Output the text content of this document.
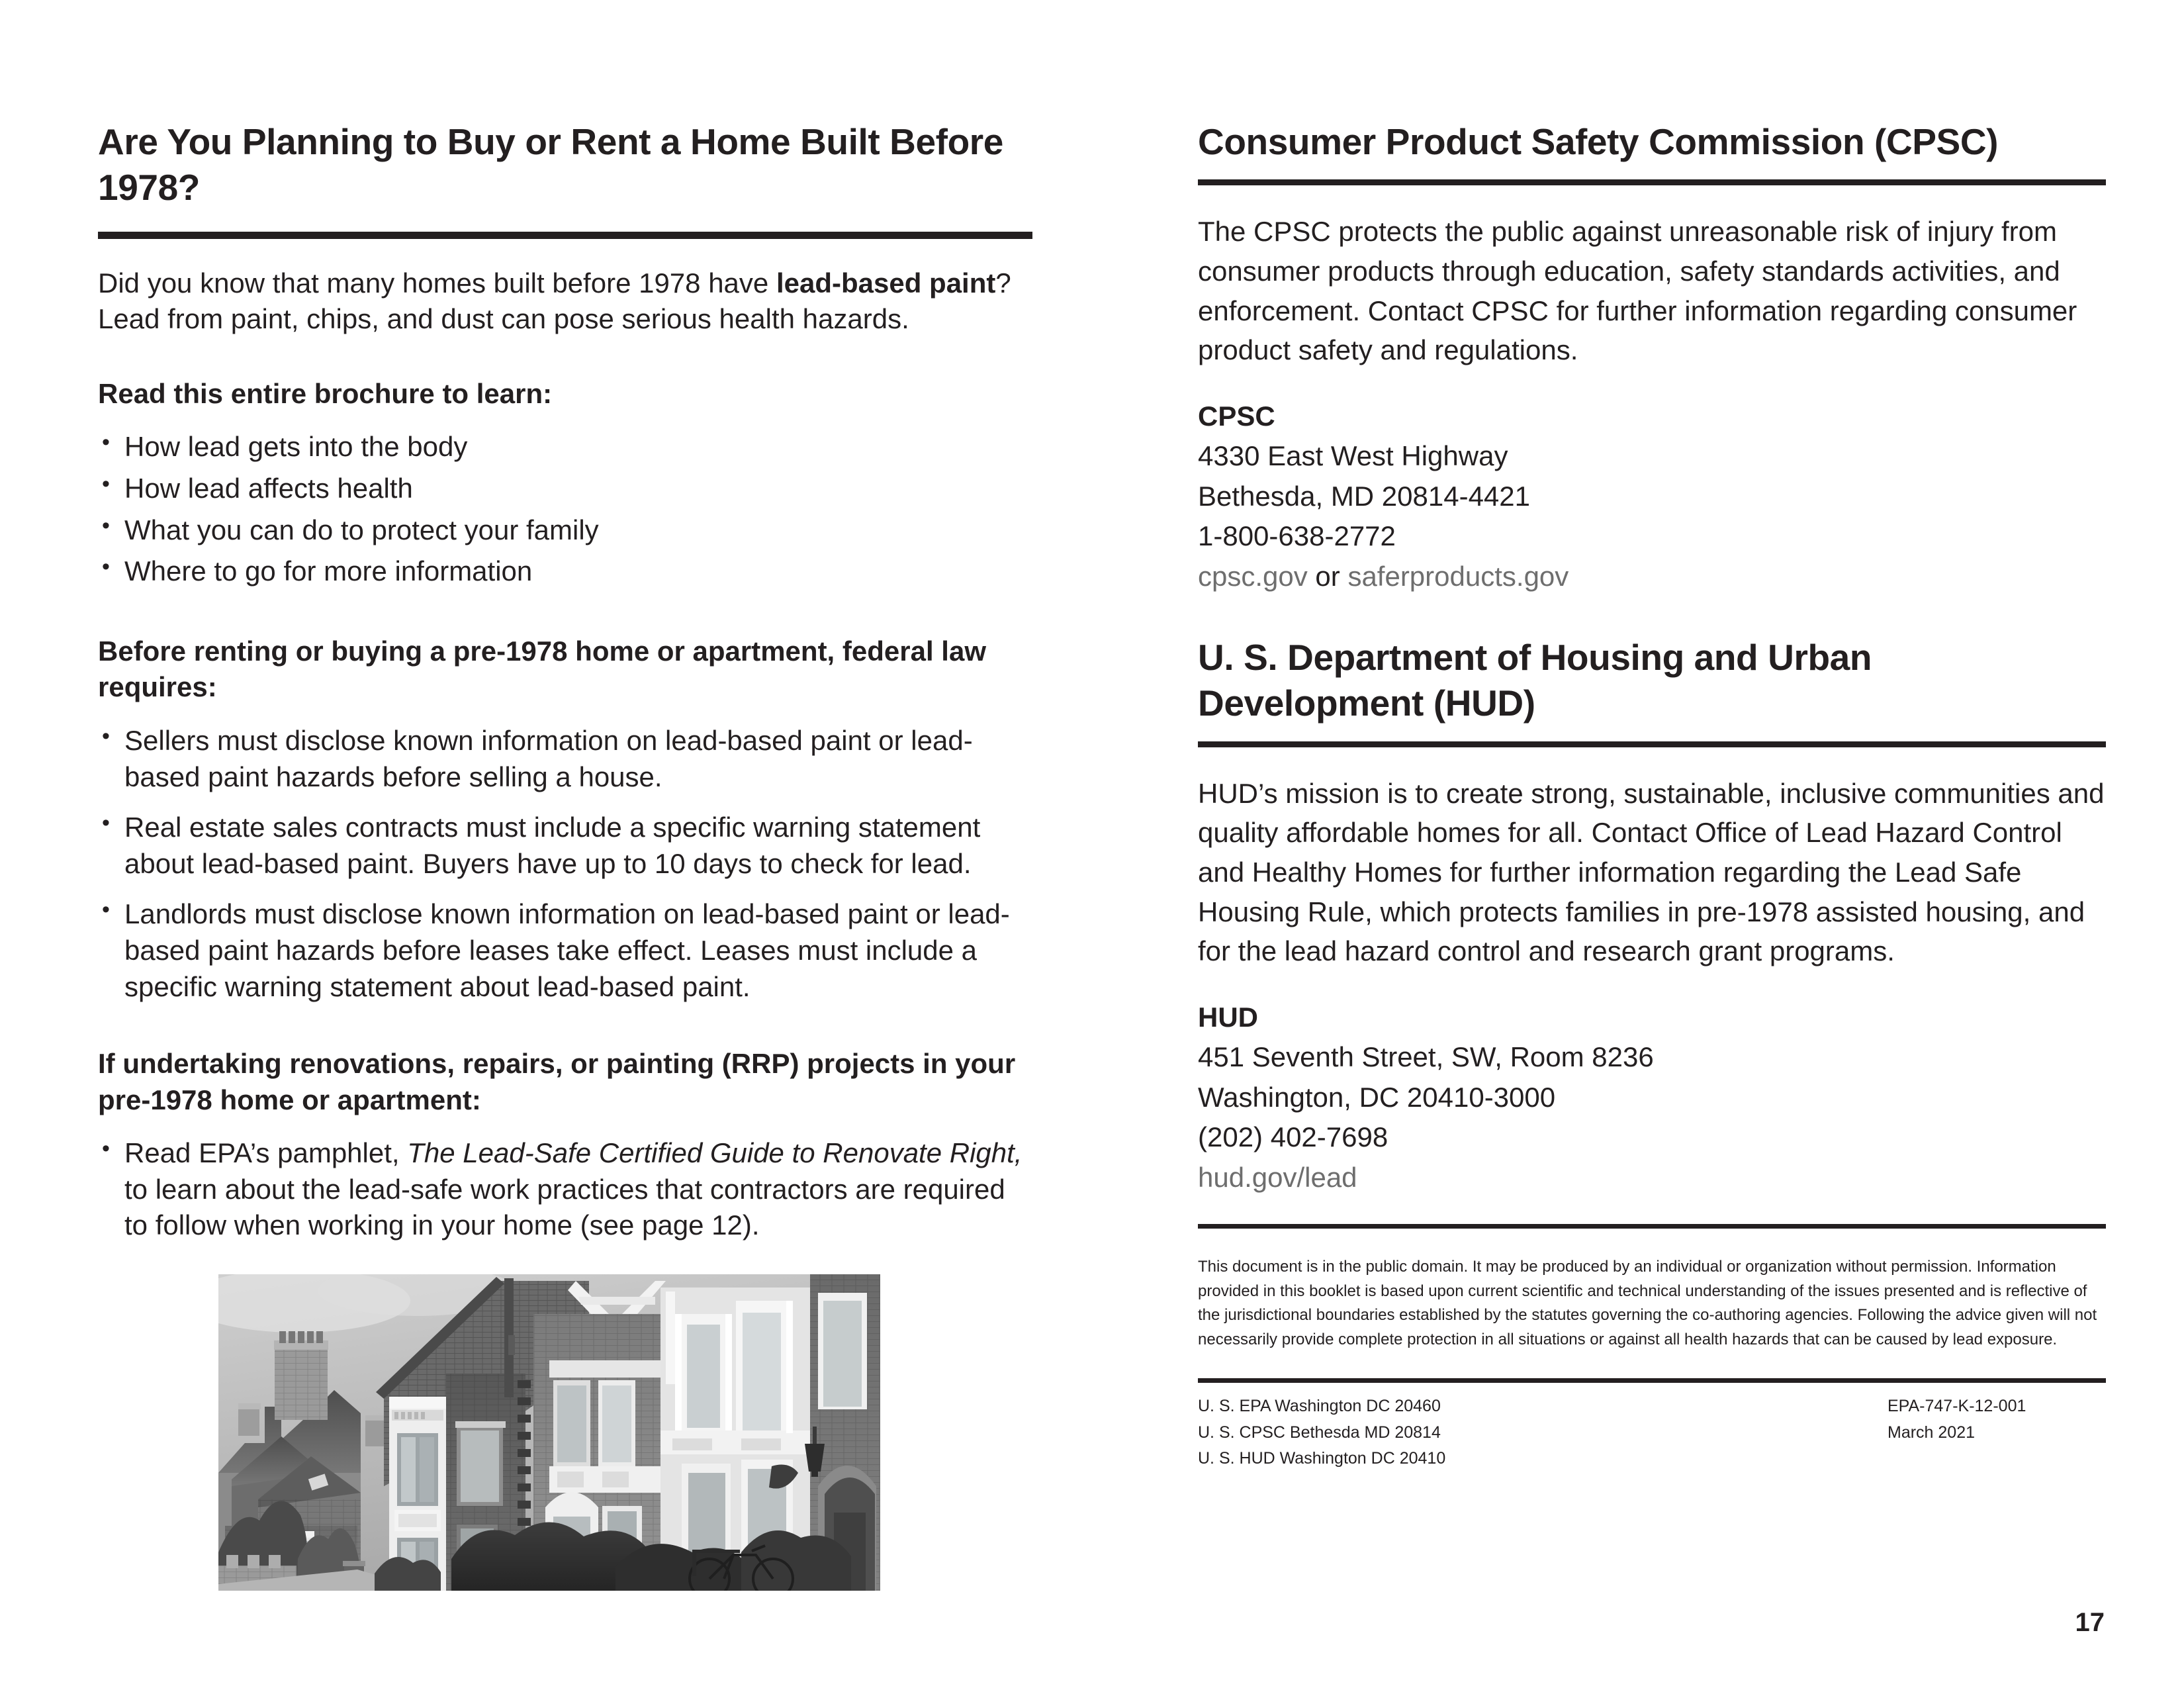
Are You Planning to Buy or Rent a Home Built Before 1978?

Did you know that many homes built before 1978 have lead-based paint? Lead from paint, chips, and dust can pose serious health hazards.

Read this entire brochure to learn:

• How lead gets into the body
• How lead affects health
• What you can do to protect your family
• Where to go for more information

Before renting or buying a pre-1978 home or apartment, federal law requires:

• Sellers must disclose known information on lead-based paint or lead-based paint hazards before selling a house.
• Real estate sales contracts must include a specific warning statement about lead-based paint. Buyers have up to 10 days to check for lead.
• Landlords must disclose known information on lead-based paint or lead-based paint hazards before leases take effect. Leases must include a specific warning statement about lead-based paint.

If undertaking renovations, repairs, or painting (RRP) projects in your pre-1978 home or apartment:

• Read EPA’s pamphlet, The Lead-Safe Certified Guide to Renovate Right, to learn about the lead-safe work practices that contractors are required to follow when working in your home (see page 12).
Consumer Product Safety Commission (CPSC)

The CPSC protects the public against unreasonable risk of injury from consumer products through education, safety standards activities, and enforcement. Contact CPSC for further information regarding consumer product safety and regulations.

CPSC
4330 East West Highway
Bethesda, MD 20814-4421
1-800-638-2772
cpsc.gov or saferproducts.gov
U. S. Department of Housing and Urban Development (HUD)

HUD’s mission is to create strong, sustainable, inclusive communities and quality affordable homes for all. Contact Office of Lead Hazard Control and Healthy Homes for further information regarding the Lead Safe Housing Rule, which protects families in pre-1978 assisted housing, and for the lead hazard control and research grant programs.

HUD
451 Seventh Street, SW, Room 8236
Washington, DC 20410-3000
(202) 402-7698
hud.gov/lead

This document is in the public domain. It may be produced by an individual or organization without permission. Information provided in this booklet is based upon current scientific and technical understanding of the issues presented and is reflective of the jurisdictional boundaries established by the statutes governing the co-authoring agencies. Following the advice given will not necessarily provide complete protection in all situations or against all health hazards that can be caused by lead exposure.

U. S. EPA Washington DC 20460
U. S. CPSC Bethesda MD 20814
U. S. HUD Washington DC 20410
EPA-747-K-12-001
March 2021
17
